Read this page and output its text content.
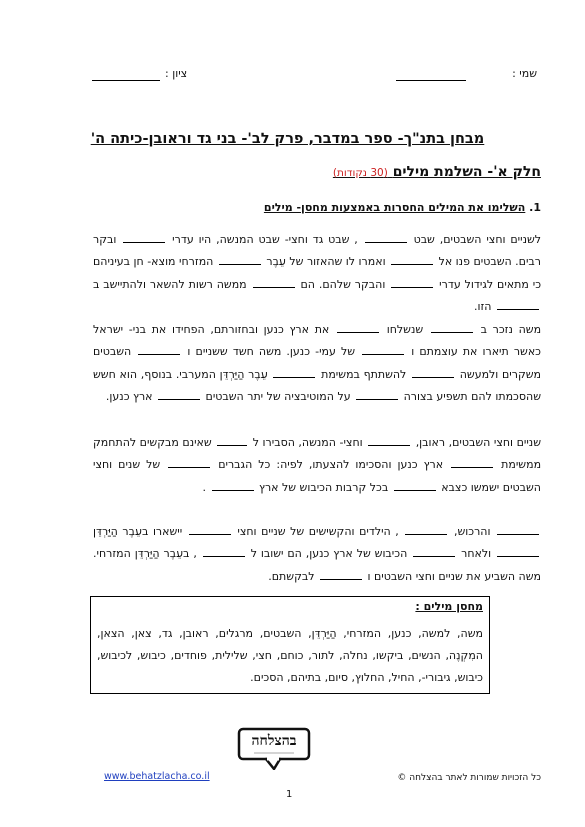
שמי :
ציון :
מבחן בתנ"ך- ספר במדבר, פרק לב'- בני גד וראובן-כיתה ה'
חלק א'- השלמת מילים (30 נקודות)
1. השלימו את המילים החסרות באמצעות מחסן- מילים
לשניים וחצי השבטים, שבט  , שבט גד וחצי- שבט המנשה, היו עדרי  ובקר רבים. השבטים פנו אל  ואמרו לו שהאזור של עֵבֶר  המזרחי מוצא- חן בעיניהם כי מתאים לגידול עדרי  והבקר שלהם. הם  ממשה רשות להשאר ולהתיישב ב  הזו.
משה נזכר ב  שנשלחו  את ארץ כנען ובחזורתם, הפחידו את בני- ישראל כאשר תיארו את עוצמתם ו  של עמי- כנען. משה חשד ששניים ו  השבטים משקרים ולמעשה  להשתתף במשימת  עֵבֶר הַיַּרְדֵּן המערבי. בנוסף, הוא חשש שהסכמתו להם תשפיע בצורה  על המוטיבציה של יתר השבטים  ארץ כנען.
שניים וחצי השבטים, ראובן,  וחצי- המנשה, הסבירו ל  שאינם מבקשים להתחמק ממשימת  ארץ כנען והסכימו להצעתו, לפיה: כל הגברים  של שנים וחצי השבטים ישמשו כצבא  בכל קרבות הכיבוש של ארץ  .
והרכוש,  , הילדים והקשישים של שניים וחצי  יישארו בעֵבֶר הַיַּרְדֵּן  ולאחר  הכיבוש של ארץ כנען, הם ישובו ל  , בעֵבֶר הַיַּרְדֵּן המזרחי. משה השביע את שניים וחצי השבטים ו  לבקשתם.
מחסן מילים :
משה, למשה, כנען, המזרחי, הַיַּרְדֵּן, השבטים, מרגלים, ראובן, גד, צאן, הצאן, המִקְנֶה, הנשים, ביקשו, נחלה, לתור, כוחם, חצי, שלילית, פוחדים, כיבוש, לכיבוש, כיבוש, גיבורי-, החיל, החלוץ, סיום, בתיהם, הסכים.
בהצלחה
כל הזכויות שמורות לאתר בהצלחה ©
www.behatzlacha.co.il
1
